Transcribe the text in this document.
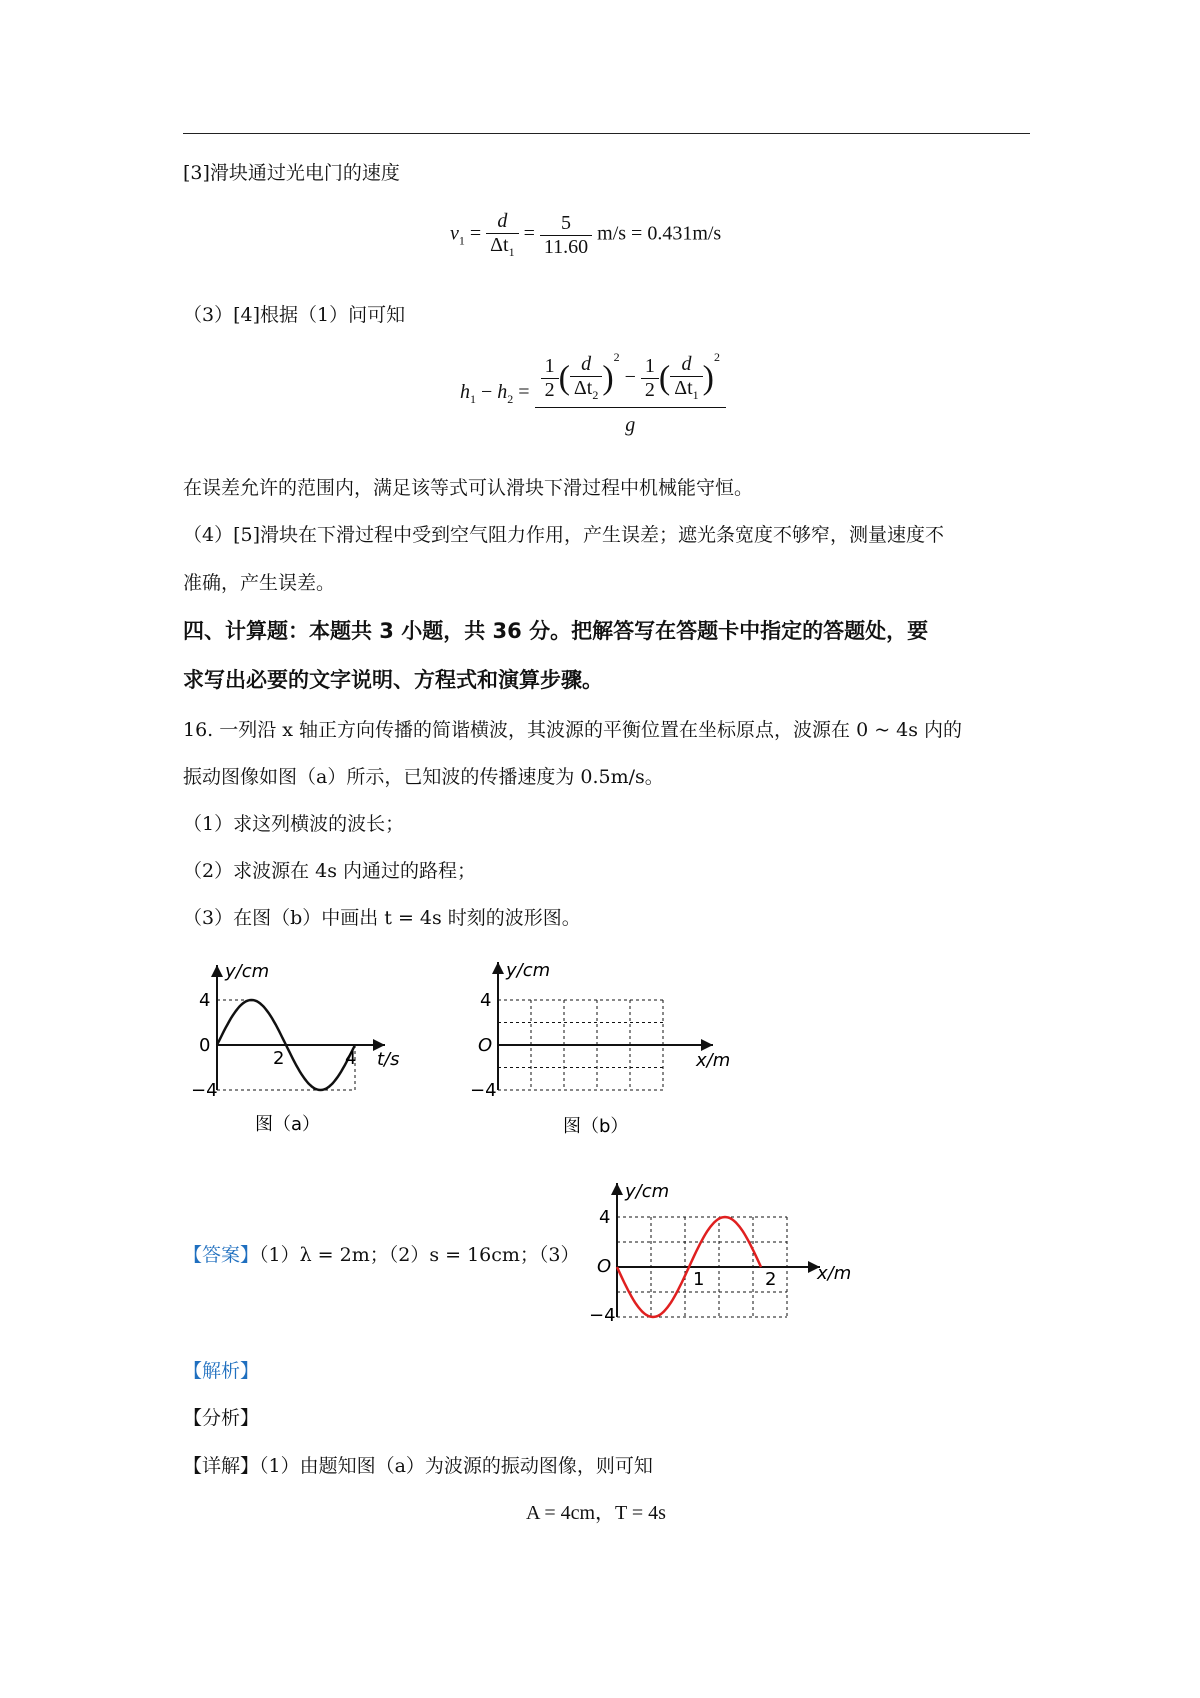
[3]滑块通过光电门的速度
$v_1 = \frac{d}{\Delta t_1} = \frac{5}{11.60} m/s = 0.431m/s$
（3）[4]根据（1）问可知
$h_1 - h_2 = \frac{\frac{1}{2} ( \frac{d}{\Delta t_2} )^2 - \frac{1}{2} ( \frac{d}{\Delta t_1} )^2}{g}$
在误差允许的范围内，满足该等式可认滑块下滑过程中机械能守恒。
（4）[5]滑块在下滑过程中受到空气阻力作用，产生误差；遮光条宽度不够窄，测量速度不
准确，产生误差。
四、计算题：本题共 3 小题，共 36 分。把解答写在答题卡中指定的答题处，要
求写出必要的文字说明、方程式和演算步骤。
16. 一列沿 x 轴正方向传播的简谐横波，其波源的平衡位置在坐标原点，波源在 0 ~ 4s 内的
振动图像如图（a）所示，已知波的传播速度为 0.5m/s。
（1）求这列横波的波长；
（2）求波源在 4s 内通过的路程；
（3）在图（b）中画出 t = 4s 时刻的波形图。
y/cm
4
0
−4
2	4 t/s
图（a）
y/cm
4
O
−4
x/m
图（b）
【答案】（1）λ = 2m；（2）s = 16cm；（3）
y/cm
4
O
−4
1	2 x/m
【解析】
【分析】
【详解】（1）由题知图（a）为波源的振动图像，则可知
A = 4cm，T = 4s
